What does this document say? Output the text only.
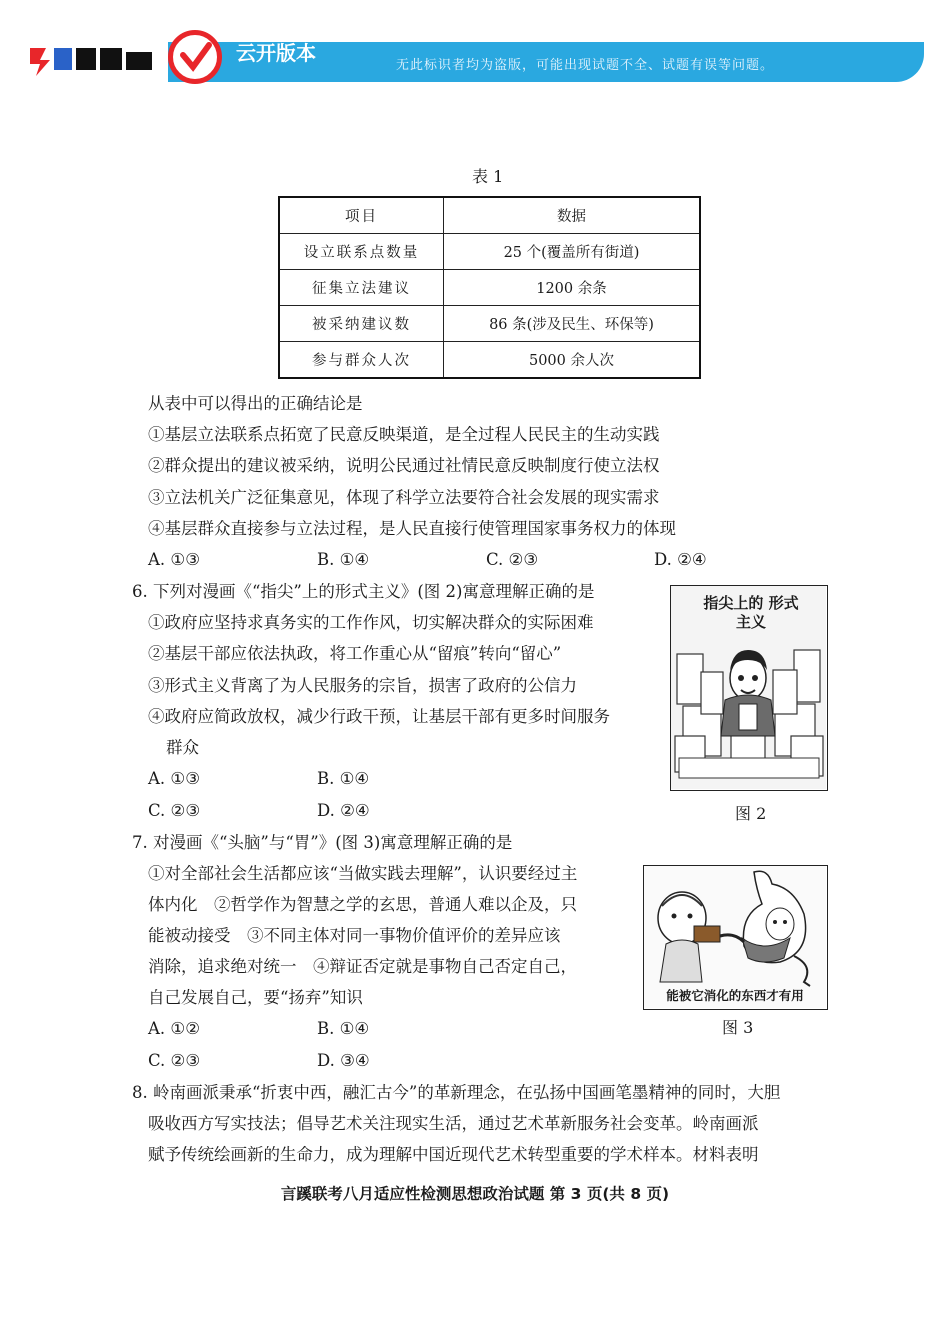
云开版本
无此标识者均为盗版，可能出现试题不全、试题有误等问题。
表 1
项目	数据
设立联系点数量	25 个(覆盖所有街道)
征集立法建议	1200 余条
被采纳建议数	86 条(涉及民生、环保等)
参与群众人次	5000 余人次
从表中可以得出的正确结论是
①基层立法联系点拓宽了民意反映渠道，是全过程人民民主的生动实践
②群众提出的建议被采纳，说明公民通过社情民意反映制度行使立法权
③立法机关广泛征集意见，体现了科学立法要符合社会发展的现实需求
④基层群众直接参与立法过程，是人民直接行使管理国家事务权力的体现
A. ①③	B. ①④	C. ②③	D. ②④
6. 下列对漫画《“指尖”上的形式主义》(图 2)寓意理解正确的是
①政府应坚持求真务实的工作作风，切实解决群众的实际困难
②基层干部应依法执政，将工作重心从“留痕”转向“留心”
③形式主义背离了为人民服务的宗旨，损害了政府的公信力
④政府应简政放权，减少行政干预，让基层干部有更多时间服务
群众
A. ①③	B. ①④
C. ②③	D. ②④
指尖上的 形式主义
图 2
7. 对漫画《“头脑”与“胃”》(图 3)寓意理解正确的是
①对全部社会生活都应该“当做实践去理解”，认识要经过主
体内化　②哲学作为智慧之学的玄思，普通人难以企及，只
能被动接受　③不同主体对同一事物价值评价的差异应该
消除，追求绝对统一　④辩证否定就是事物自己否定自己，
自己发展自己，要“扬弃”知识
A. ①②	B. ①④
C. ②③	D. ③④
能被它消化的东西才有用
图 3
8. 岭南画派秉承“折衷中西，融汇古今”的革新理念，在弘扬中国画笔墨精神的同时，大胆
吸收西方写实技法；倡导艺术关注现实生活，通过艺术革新服务社会变革。岭南画派
赋予传统绘画新的生命力，成为理解中国近现代艺术转型重要的学术样本。材料表明
言蹊联考八月适应性检测思想政治试题 第 3 页(共 8 页)
